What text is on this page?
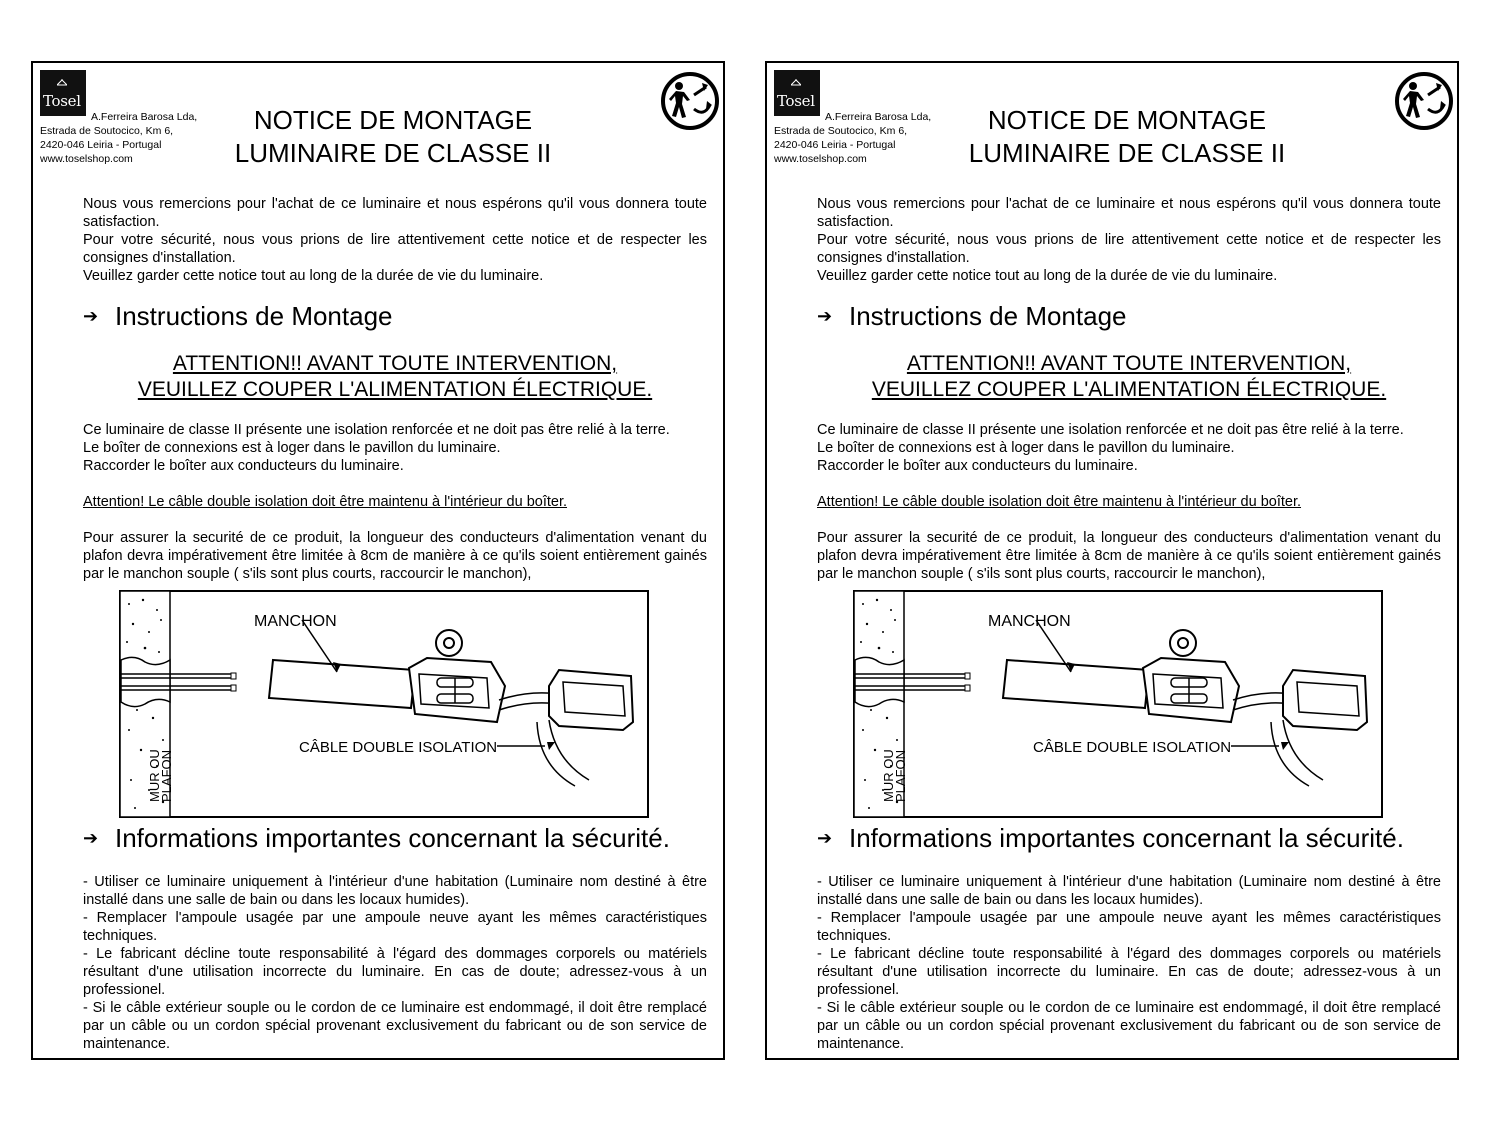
Tosel
A.Ferreira Barosa Lda,
Estrada de Soutocico, Km 6,
2420-046 Leiria - Portugal
www.toselshop.com
NOTICE DE MONTAGE
LUMINAIRE DE CLASSE II

Nous vous remercions pour l'achat de ce luminaire et nous espérons qu'il vous donnera toute satisfaction.

Pour votre sécurité, nous vous prions de lire attentivement cette notice et de respecter les consignes d'installation.

Veuillez garder cette notice tout au long de la durée de vie du luminaire.

➔ Instructions de Montage
ATTENTION!! AVANT TOUTE INTERVENTION,
VEUILLEZ COUPER L'ALIMENTATION ÉLECTRIQUE.
Ce luminaire de classe II présente une isolation renforcée et ne doit pas être relié à la terre.
Le boîter de connexions est à loger dans le pavillon du luminaire.
Raccorder le boîter aux conducteurs du luminaire.
Attention! Le câble double isolation doit être maintenu à l'intérieur du boîter.
Pour assurer la securité de ce produit, la longueur des conducteurs d'alimentation venant du plafon devra impérativement être limitée à 8cm de manière à ce qu'ils soient entièrement gainés par le manchon souple ( s'ils sont plus courts, raccourcir le manchon),
MANCHON
CÂBLE DOUBLE ISOLATION
MUR OU
PLAFON
➔ Informations importantes concernant la sécurité.

- Utiliser ce luminaire uniquement à l'intérieur d'une habitation (Luminaire nom destiné à être installé dans une salle de bain ou dans les locaux humides).

- Remplacer l'ampoule usagée par une ampoule neuve ayant les mêmes caractéristiques techniques.

- Le fabricant décline toute responsabilité à l'égard des dommages corporels ou matériels résultant d'une utilisation incorrecte du luminaire. En cas de doute; adressez-vous à un professionel.

- Si le câble extérieur souple ou le cordon de ce luminaire est endommagé, il doit être remplacé par un câble ou un cordon spécial provenant exclusivement du fabricant ou de son service de maintenance.

Tosel
A.Ferreira Barosa Lda,
Estrada de Soutocico, Km 6,
2420-046 Leiria - Portugal
www.toselshop.com
NOTICE DE MONTAGE
LUMINAIRE DE CLASSE II

Nous vous remercions pour l'achat de ce luminaire et nous espérons qu'il vous donnera toute satisfaction.

Pour votre sécurité, nous vous prions de lire attentivement cette notice et de respecter les consignes d'installation.

Veuillez garder cette notice tout au long de la durée de vie du luminaire.

➔ Instructions de Montage
ATTENTION!! AVANT TOUTE INTERVENTION,
VEUILLEZ COUPER L'ALIMENTATION ÉLECTRIQUE.
Ce luminaire de classe II présente une isolation renforcée et ne doit pas être relié à la terre.
Le boîter de connexions est à loger dans le pavillon du luminaire.
Raccorder le boîter aux conducteurs du luminaire.
Attention! Le câble double isolation doit être maintenu à l'intérieur du boîter.
Pour assurer la securité de ce produit, la longueur des conducteurs d'alimentation venant du plafon devra impérativement être limitée à 8cm de manière à ce qu'ils soient entièrement gainés par le manchon souple ( s'ils sont plus courts, raccourcir le manchon),
MANCHON
CÂBLE DOUBLE ISOLATION
MUR OU
PLAFON
➔ Informations importantes concernant la sécurité.

- Utiliser ce luminaire uniquement à l'intérieur d'une habitation (Luminaire nom destiné à être installé dans une salle de bain ou dans les locaux humides).

- Remplacer l'ampoule usagée par une ampoule neuve ayant les mêmes caractéristiques techniques.

- Le fabricant décline toute responsabilité à l'égard des dommages corporels ou matériels résultant d'une utilisation incorrecte du luminaire. En cas de doute; adressez-vous à un professionel.

- Si le câble extérieur souple ou le cordon de ce luminaire est endommagé, il doit être remplacé par un câble ou un cordon spécial provenant exclusivement du fabricant ou de son service de maintenance.
